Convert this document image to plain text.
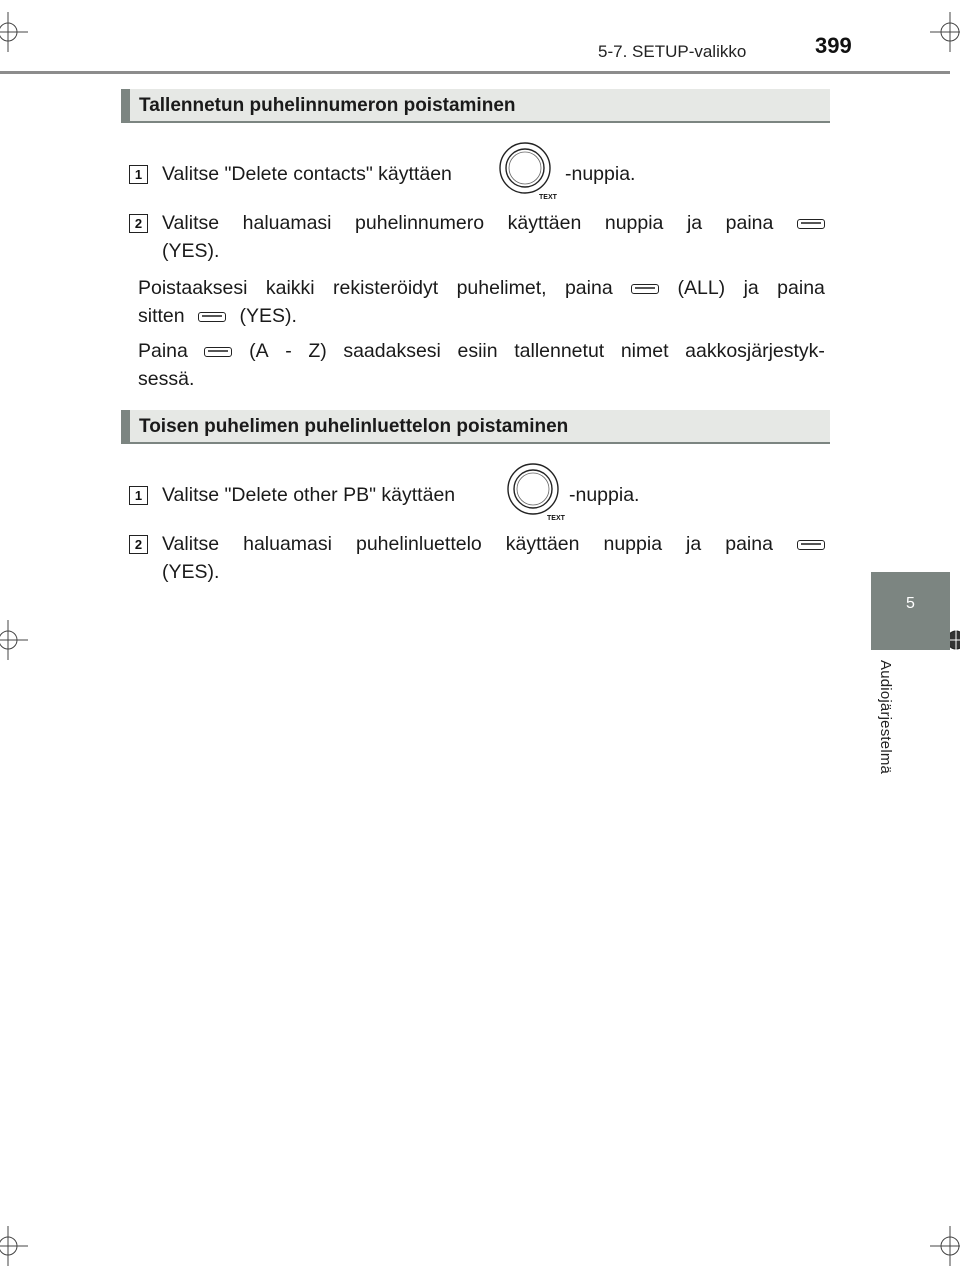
5-7. SETUP-valikko	399
5
Audiojärjestelmä
Tallennetun puhelinnumeron poistaminen
1	Valitse "Delete contacts" käyttäen
TEXT
-nuppia.
2	Valitse haluamasi puhelinnumero käyttäen nuppia ja paina
(YES).
Poistaaksesi kaikki rekisteröidyt puhelimet, paina	(ALL) ja paina
sitten	(YES).
Paina	(A - Z) saadaksesi esiin tallennetut nimet aakkosjärjestyk-
sessä.
Toisen puhelimen puhelinluettelon poistaminen
1	Valitse "Delete other PB" käyttäen
TEXT
-nuppia.
2	Valitse haluamasi puhelinluettelo käyttäen nuppia ja paina
(YES).
